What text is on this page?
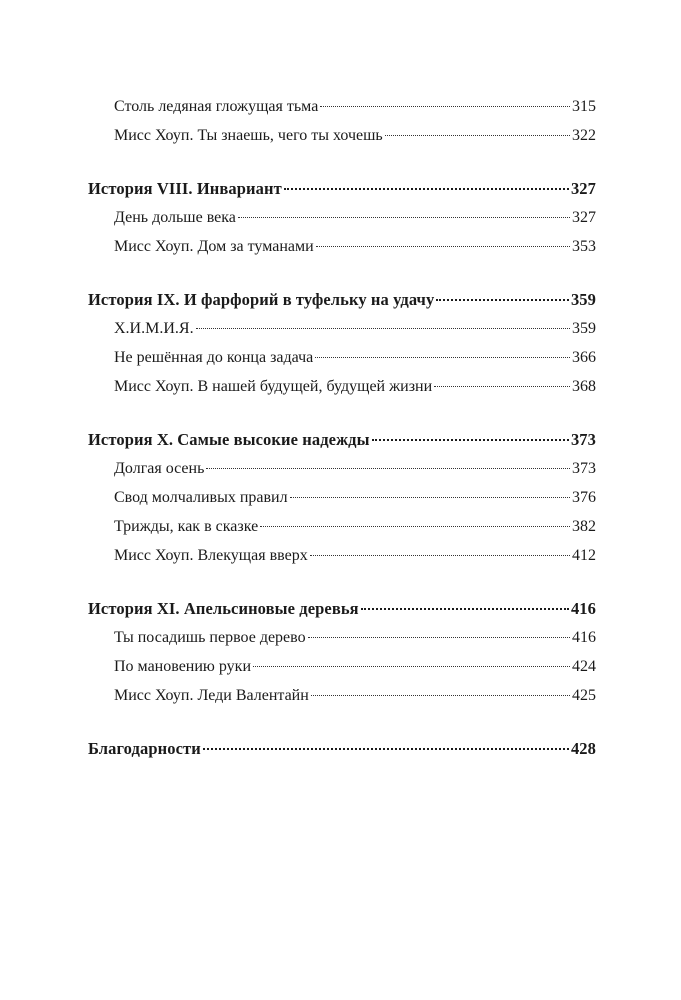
Столь ледяная гложущая тьма	315
Мисс Хоуп. Ты знаешь, чего ты хочешь	322
История VIII. Инвариант	327
День дольше века	327
Мисс Хоуп. Дом за туманами	353
История IX. И фарфорий в туфельку на удачу	359
Х.И.М.И.Я.	359
Не решённая до конца задача	366
Мисс Хоуп. В нашей будущей, будущей жизни	368
История X. Самые высокие надежды	373
Долгая осень	373
Свод молчаливых правил	376
Трижды, как в сказке	382
Мисс Хоуп. Влекущая вверх	412
История XI. Апельсиновые деревья	416
Ты посадишь первое дерево	416
По мановению руки	424
Мисс Хоуп. Леди Валентайн	425
Благодарности	428
